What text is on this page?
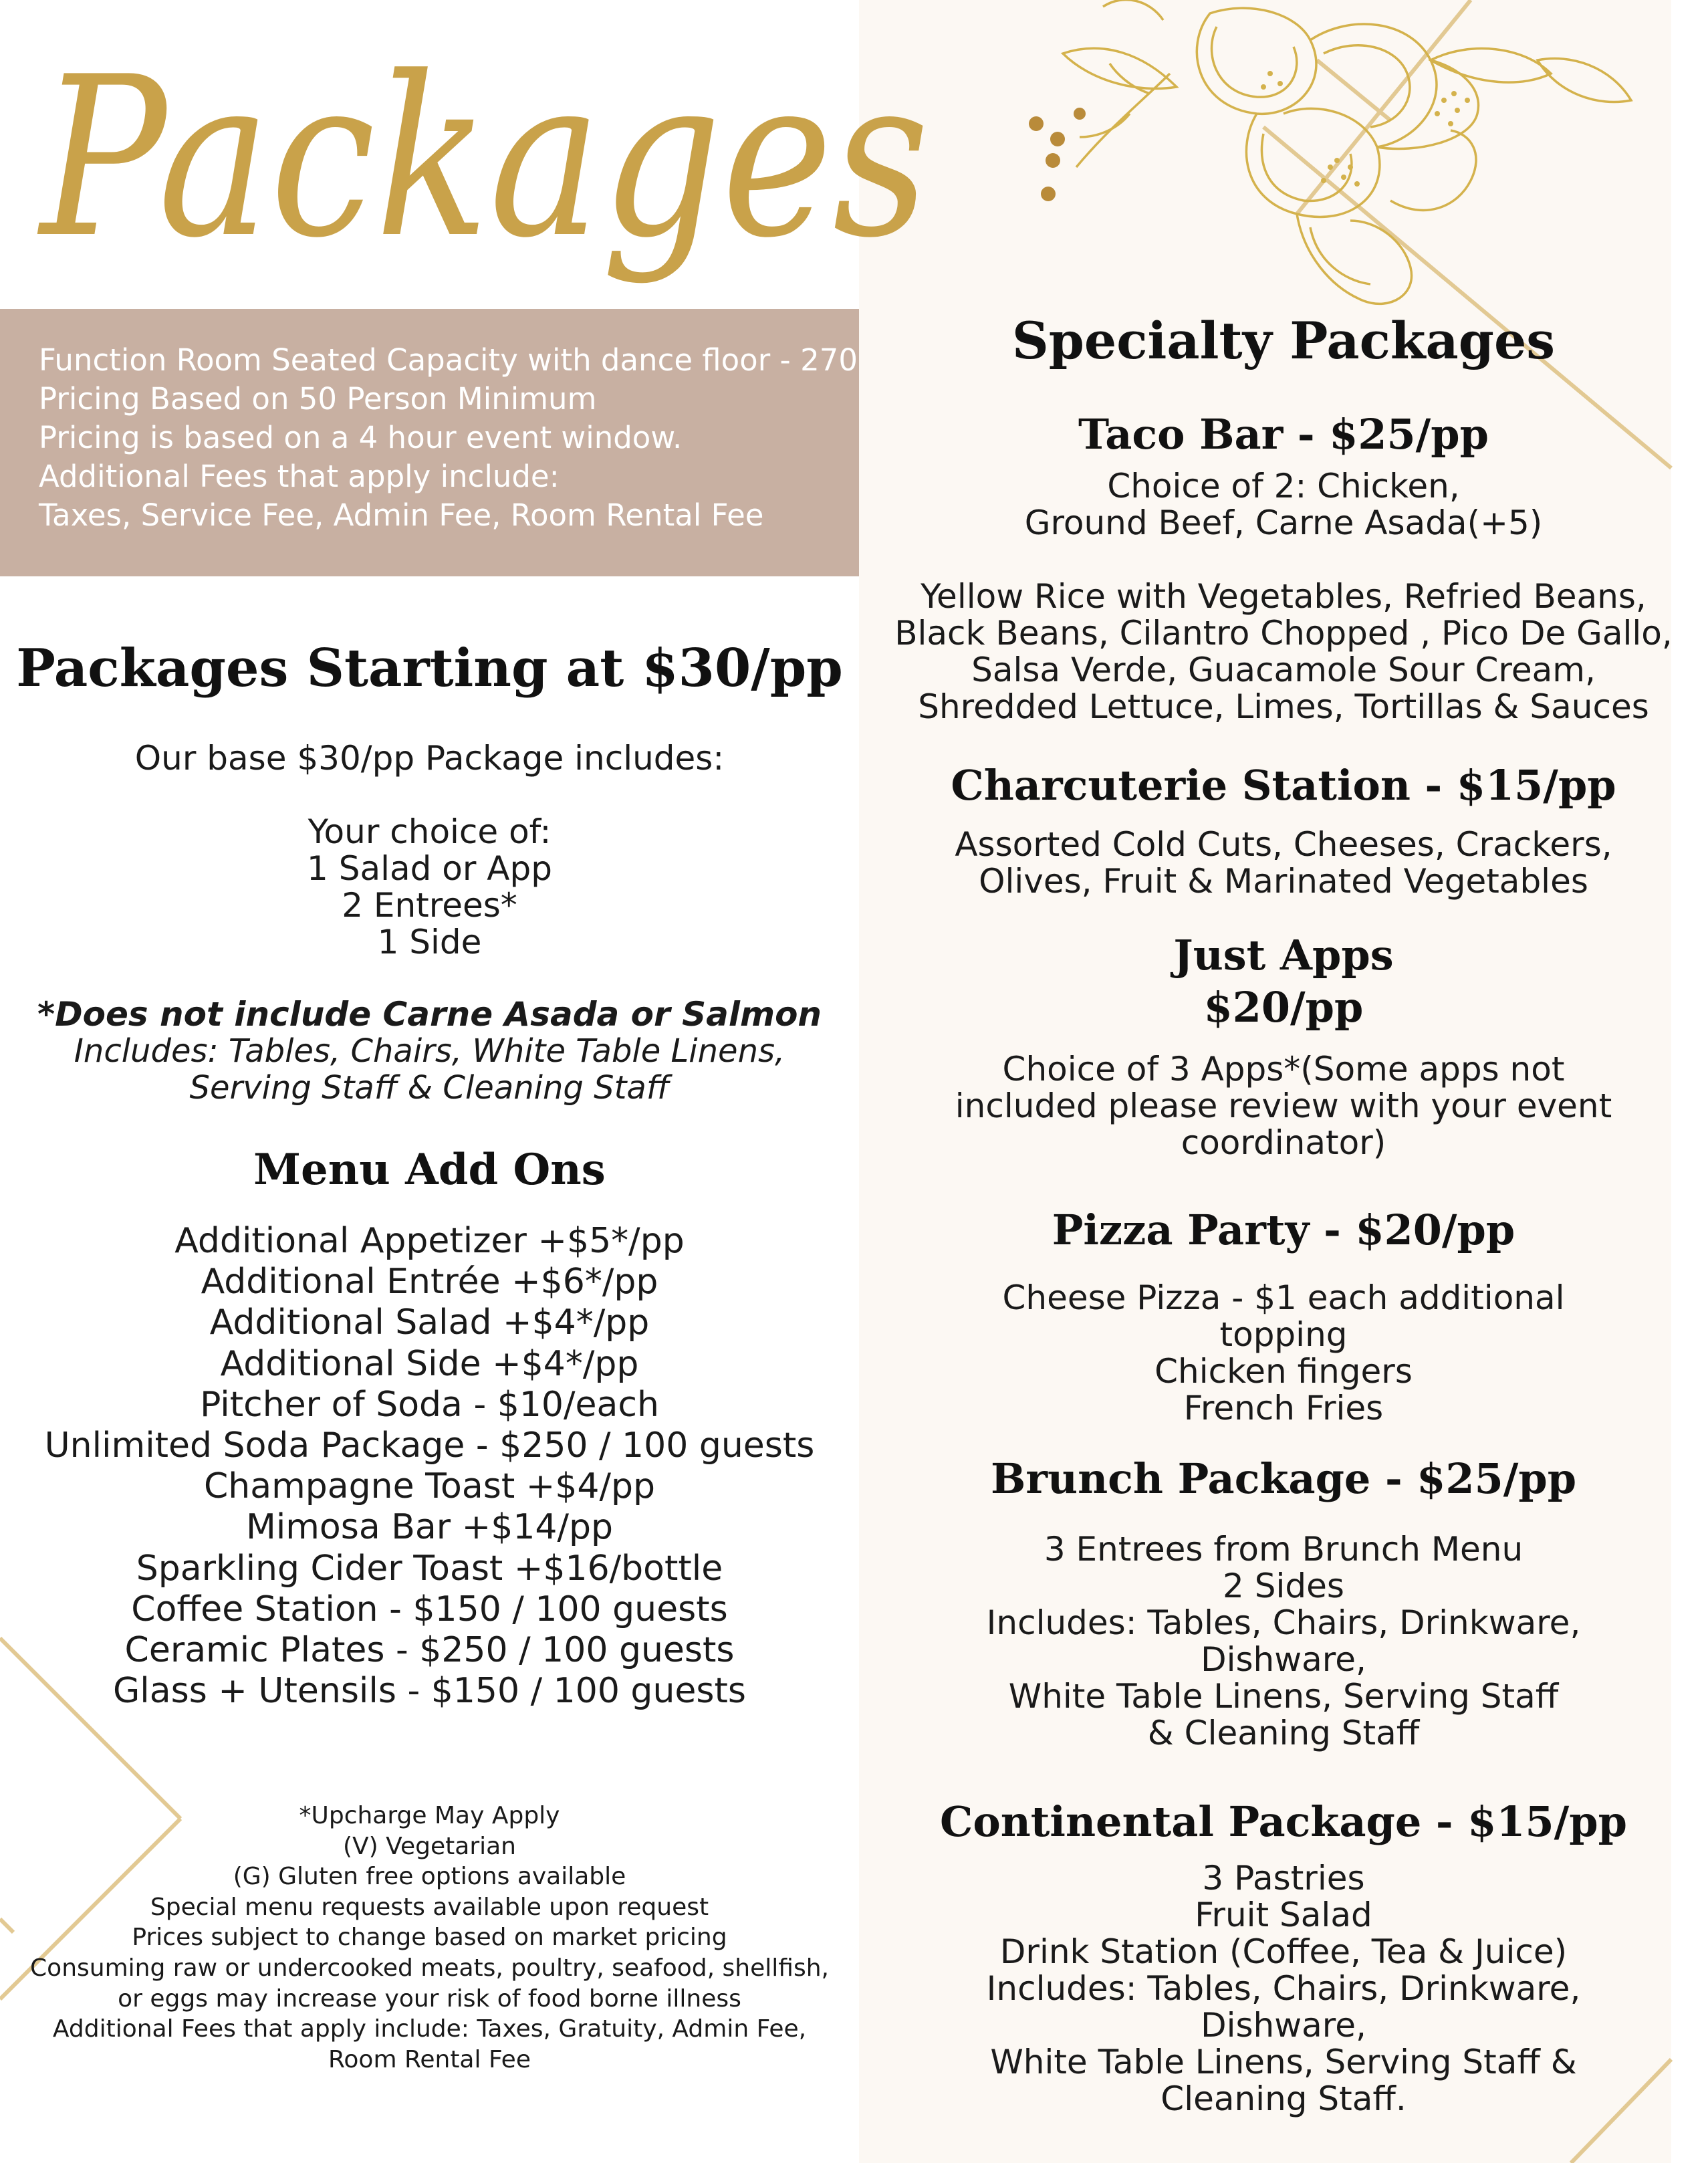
Packages
Function Room Seated Capacity with dance floor - 270
Pricing Based on 50 Person Minimum
Pricing is based on a 4 hour event window.
Additional Fees that apply include:
Taxes, Service Fee, Admin Fee, Room Rental Fee
Packages Starting at $30/pp
Our base $30/pp Package includes:
Your choice of:
1 Salad or App
2 Entrees*
1 Side
*Does not include Carne Asada or Salmon
Includes: Tables, Chairs, White Table Linens,
Serving Staff & Cleaning Staff
Menu Add Ons
Additional Appetizer +$5*/pp
Additional Entrée +$6*/pp
Additional Salad +$4*/pp
Additional Side +$4*/pp
Pitcher of Soda - $10/each
Unlimited Soda Package - $250 / 100 guests
Champagne Toast +$4/pp
Mimosa Bar +$14/pp
Sparkling Cider Toast +$16/bottle
Coffee Station - $150 / 100 guests
Ceramic Plates - $250 / 100 guests
Glass + Utensils - $150 / 100 guests
*Upcharge May Apply
(V) Vegetarian
(G) Gluten free options available
Special menu requests available upon request
Prices subject to change based on market pricing
Consuming raw or undercooked meats, poultry, seafood, shellfish,
or eggs may increase your risk of food borne illness
Additional Fees that apply include: Taxes, Gratuity, Admin Fee,
Room Rental Fee
Specialty Packages
Taco Bar - $25/pp
Choice of 2: Chicken,
Ground Beef, Carne Asada(+5)
Yellow Rice with Vegetables, Refried Beans,
Black Beans, Cilantro Chopped , Pico De Gallo,
Salsa Verde, Guacamole Sour Cream,
Shredded Lettuce, Limes, Tortillas & Sauces
Charcuterie Station - $15/pp
Assorted Cold Cuts, Cheeses, Crackers,
Olives, Fruit & Marinated Vegetables
Just Apps
$20/pp
Choice of 3 Apps*(Some apps not
included please review with your event
coordinator)
Pizza Party - $20/pp
Cheese Pizza - $1 each additional
topping
Chicken fingers
French Fries
Brunch Package - $25/pp
3 Entrees from Brunch Menu
2 Sides
Includes: Tables, Chairs, Drinkware,
Dishware,
White Table Linens, Serving Staff
& Cleaning Staff
Continental Package - $15/pp
3 Pastries
Fruit Salad
Drink Station (Coffee, Tea & Juice)
Includes: Tables, Chairs, Drinkware,
Dishware,
White Table Linens, Serving Staff &
Cleaning Staff.
